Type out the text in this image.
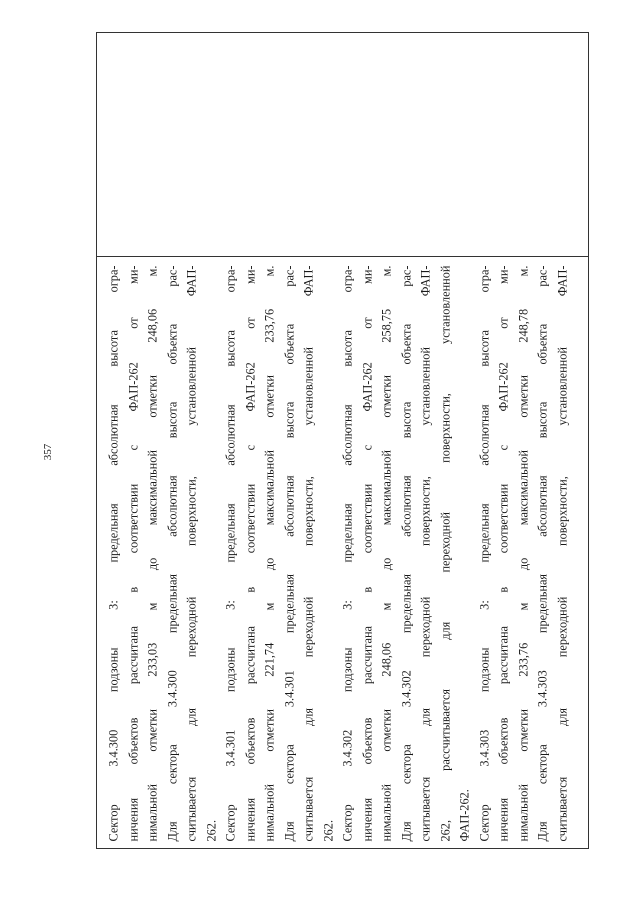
357	Сектор 3.4.300 подзоны 3: предельная абсолютная высота огра- ничения объектов рассчитана в соответствии с ФАП-262 от ми- нимальной отметки 233,03 м до максимальной отметки 248,06 м. Для сектора 3.4.300 предельная абсолютная высота объекта рас- считывается для переходной поверхности, установленной ФАП- 262. Сектор 3.4.301 подзоны 3: предельная абсолютная высота огра- ничения объектов рассчитана в соответствии с ФАП-262 от ми- нимальной отметки 221,74 м до максимальной отметки 233,76 м. Для сектора 3.4.301 предельная абсолютная высота объекта рас- считывается для переходной поверхности, установленной ФАП- 262. Сектор 3.4.302 подзоны 3: предельная абсолютная высота огра- ничения объектов рассчитана в соответствии с ФАП-262 от ми- нимальной отметки 248,06 м до максимальной отметки 258,75 м. Для сектора 3.4.302 предельная абсолютная высота объекта рас- считывается для переходной поверхности, установленной ФАП- 262, рассчитывается для переходной поверхности, установленной ФАП-262. Сектор 3.4.303 подзоны 3: предельная абсолютная высота огра- ничения объектов рассчитана в соответствии с ФАП-262 от ми- нимальной отметки 233,76 м до максимальной отметки 248,78 м. Для сектора 3.4.303 предельная абсолютная высота объекта рас- считывается для переходной поверхности, установленной ФАП-
